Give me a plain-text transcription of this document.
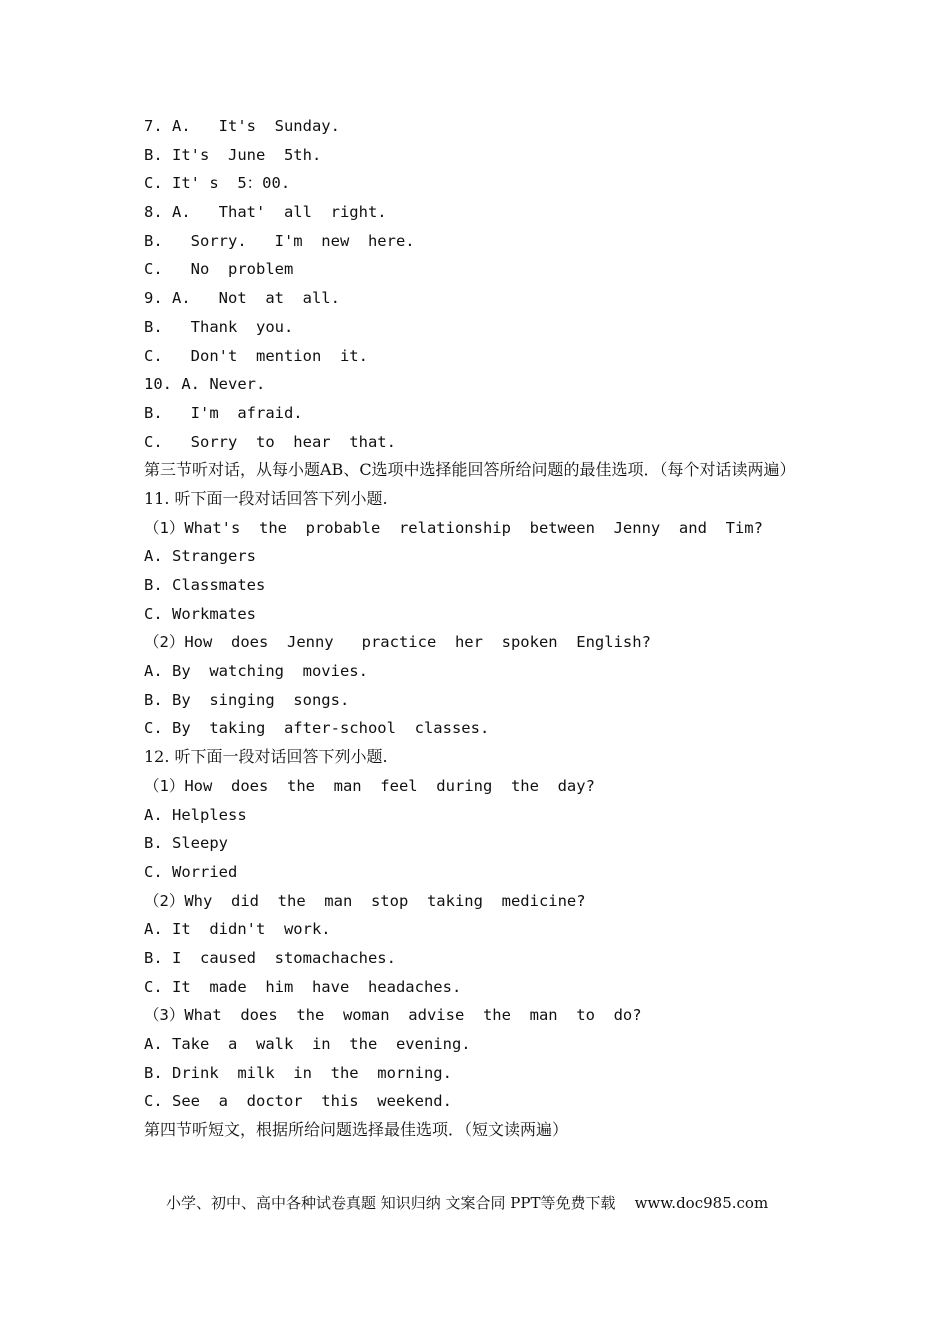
7. A.   It's  Sunday.
B. It's  June  5th.
C. It' s  5：00.
8. A.   That'  all  right.
B.   Sorry.   I'm  new  here.
C.   No  problem
9. A.   Not  at  all.
B.   Thank  you.
C.   Don't  mention  it.
10. A. Never.
B.   I'm  afraid.
C.   Sorry  to  hear  that.
第三节听对话，从每小题AB、C选项中选择能回答所给问题的最佳选项．（每个对话读两遍）
11. 听下面一段对话回答下列小题.
（1）What's  the  probable  relationship  between  Jenny  and  Tim?
A. Strangers
B. Classmates
C. Workmates
（2）How  does  Jenny   practice  her  spoken  English?
A. By  watching  movies.
B. By  singing  songs.
C. By  taking  after-school  classes.
12. 听下面一段对话回答下列小题.
（1）How  does  the  man  feel  during  the  day?
A. Helpless
B. Sleepy
C. Worried
（2）Why  did  the  man  stop  taking  medicine?
A. It  didn't  work.
B. I  caused  stomachaches.
C. It  made  him  have  headaches.
（3）What  does  the  woman  advise  the  man  to  do?
A. Take  a  walk  in  the  evening.
B. Drink  milk  in  the  morning.
C. See  a  doctor  this  weekend.
第四节听短文，根据所给问题选择最佳选项．（短文读两遍）
小学、初中、高中各种试卷真题 知识归纳 文案合同 PPT等免费下载    www.doc985.com
